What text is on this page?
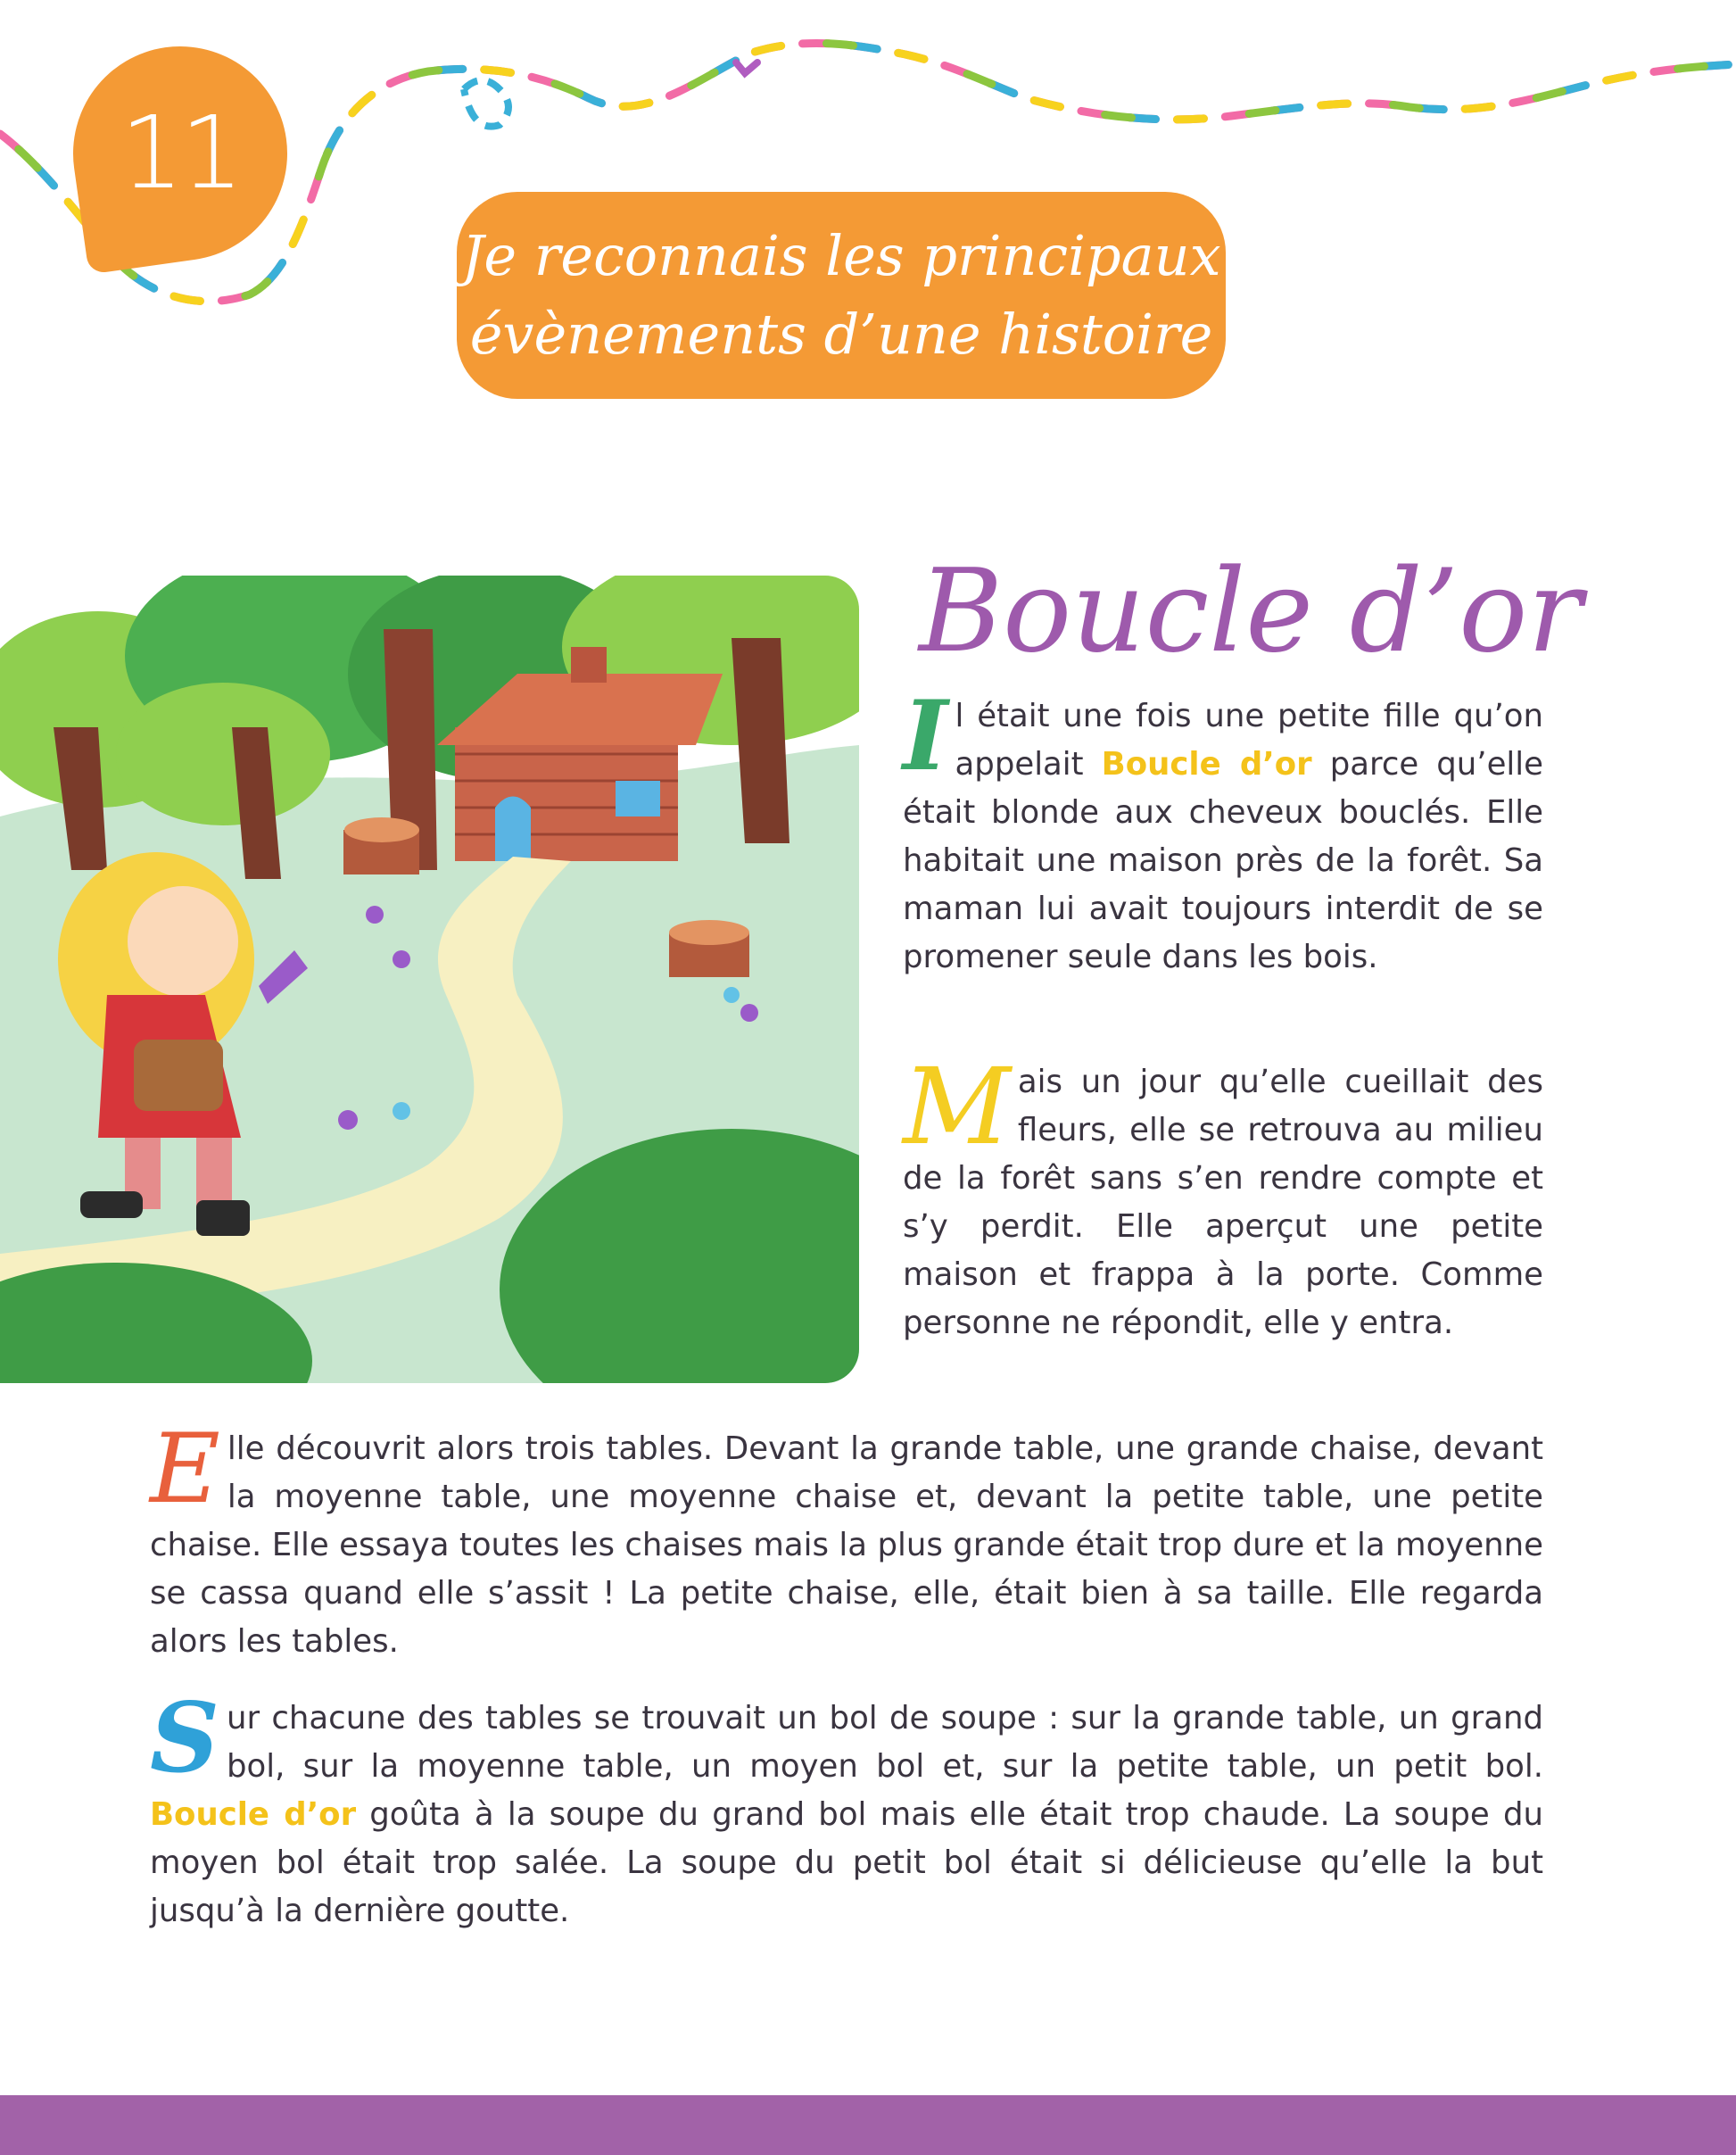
11
Je reconnais les principaux
évènements d’une histoire
Boucle d’or

Il était une fois une petite fille qu’on appelait Boucle d’or parce qu’elle était blonde aux cheveux bouclés. Elle habitait une maison près de la forêt. Sa maman lui avait toujours interdit de se promener seule dans les bois.

Mais un jour qu’elle cueillait des fleurs, elle se retrouva au milieu de la forêt sans s’en rendre compte et s’y perdit. Elle aperçut une petite maison et frappa à la porte. Comme personne ne répondit, elle y entra.

Elle découvrit alors trois tables. Devant la grande table, une grande chaise, devant la moyenne table, une moyenne chaise et, devant la petite table, une petite chaise. Elle essaya toutes les chaises mais la plus grande était trop dure et la moyenne se cassa quand elle s’assit ! La petite chaise, elle, était bien à sa taille. Elle regarda alors les tables.

Sur chacune des tables se trouvait un bol de soupe : sur la grande table, un grand bol, sur la moyenne table, un moyen bol et, sur la petite table, un petit bol. Boucle d’or goûta à la soupe du grand bol mais elle était trop chaude. La soupe du moyen bol était trop salée. La soupe du petit bol était si délicieuse qu’elle la but jusqu’à la dernière goutte.
